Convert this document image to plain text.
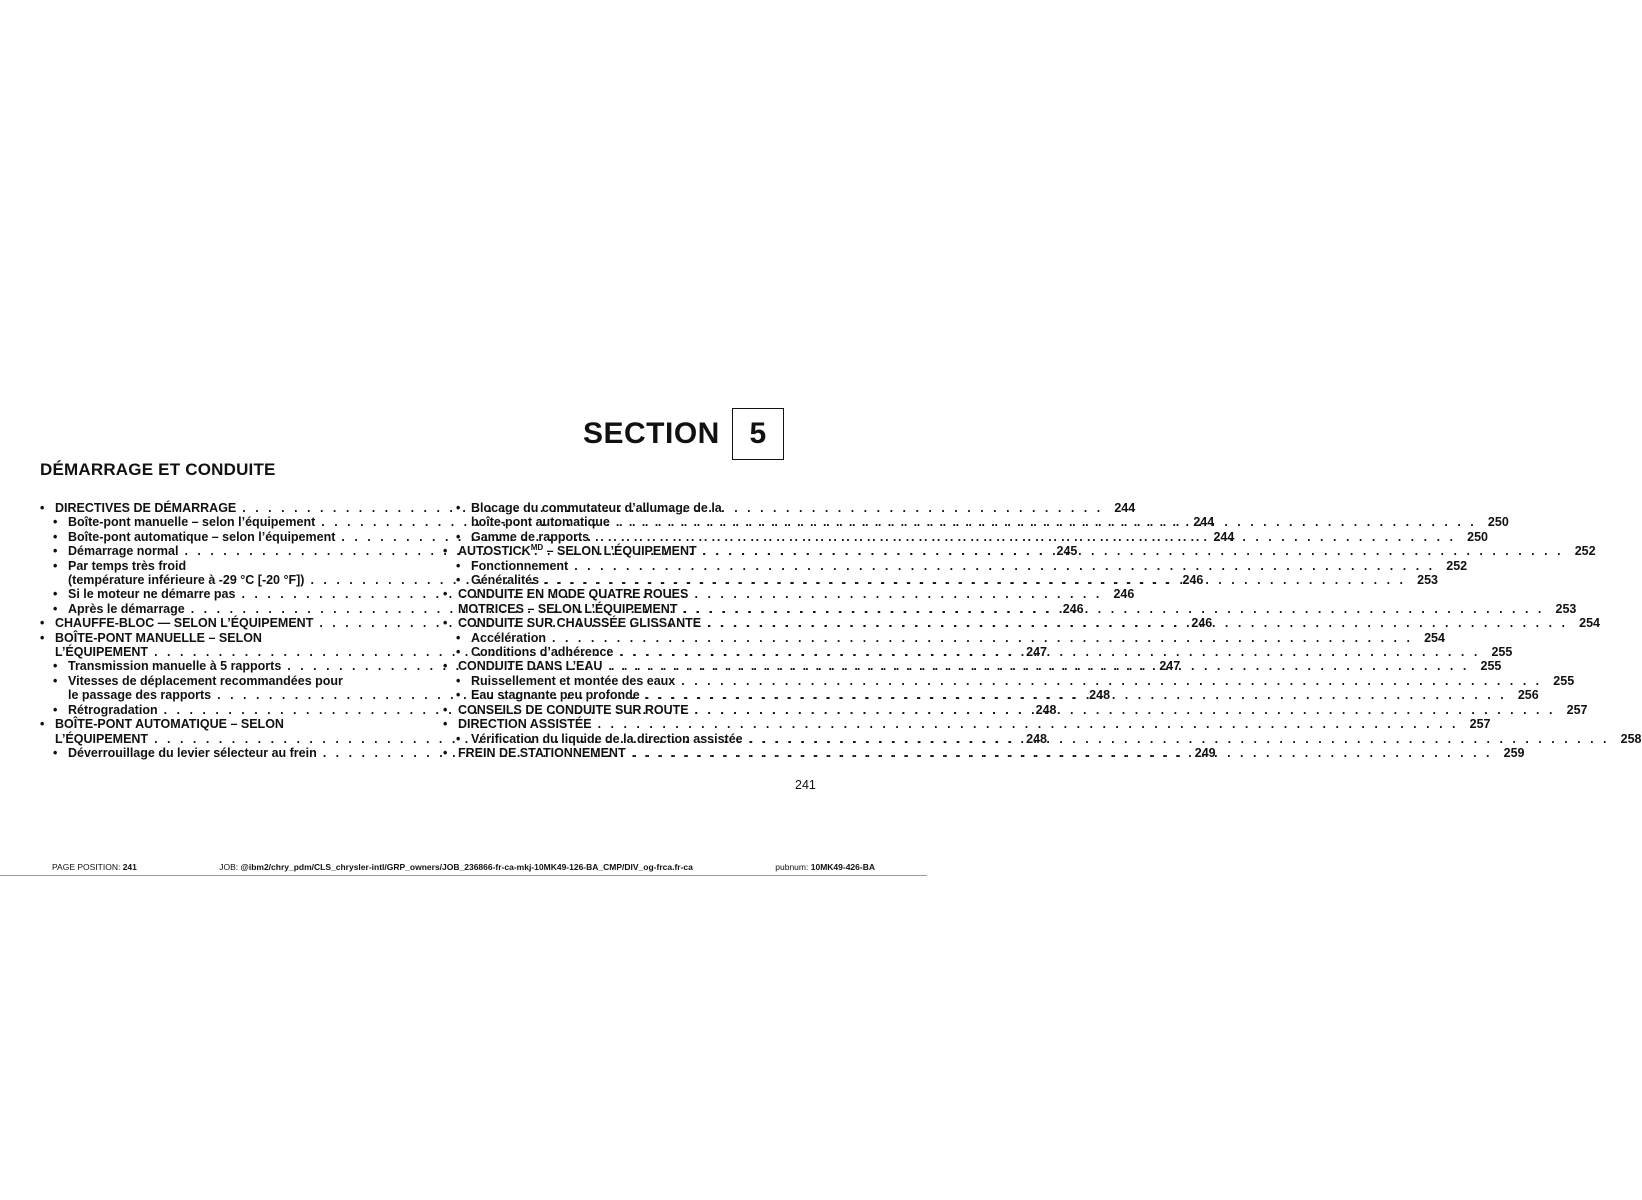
SECTION 5
DÉMARRAGE ET CONDUITE
• DIRECTIVES DE DÉMARRAGE . . .	244
• Boîte-pont manuelle – selon l’équipement . . .	244
• Boîte-pont automatique – selon l’équipement . . .	244
• Démarrage normal . . .	245
• Par temps très froid
(température inférieure à -29 °C [-20 °F]) . . .	246
• Si le moteur ne démarre pas . . .	246
• Après le démarrage . . .	246
• CHAUFFE-BLOC — SELON L’ÉQUIPEMENT . . .	246
• BOÎTE-PONT MANUELLE – SELON
L’ÉQUIPEMENT . . .	247
• Transmission manuelle à 5 rapports . . .	247
• Vitesses de déplacement recommandées pour
le passage des rapports . . .	248
• Rétrogradation . . .	248
• BOÎTE-PONT AUTOMATIQUE – SELON
L’ÉQUIPEMENT . . .	248
• Déverrouillage du levier sélecteur au frein . . .	249
• Blocage du commutateur d’allumage de la
boîte-pont automatique . . .	250
• Gamme de rapports . . .	250
• $AUTOSTICK^{MD}$ – SELON L’ÉQUIPEMENT . . .	252
• Fonctionnement . . .	252
• Généralités . . .	253
• CONDUITE EN MODE QUATRE ROUES
MOTRICES – SELON L’ÉQUIPEMENT . . .	253
• CONDUITE SUR CHAUSSÉE GLISSANTE . . .	254
• Accélération . . .	254
• Conditions d’adhérence . . .	255
• CONDUITE DANS L’EAU . . .	255
• Ruissellement et montée des eaux . . .	255
• Eau stagnante peu profonde . . .	256
• CONSEILS DE CONDUITE SUR ROUTE . . .	257
• DIRECTION ASSISTÉE . . .	257
• Vérification du liquide de la direction assistée . . .	258
• FREIN DE STATIONNEMENT . . .	259
241
PAGE POSITION: 241	JOB: @ibm2/chry_pdm/CLS_chrysler-intl/GRP_owners/JOB_236866-fr-ca-mkj-10MK49-126-BA_CMP/DIV_og-frca.fr-ca	pubnum: 10MK49-426-BA
